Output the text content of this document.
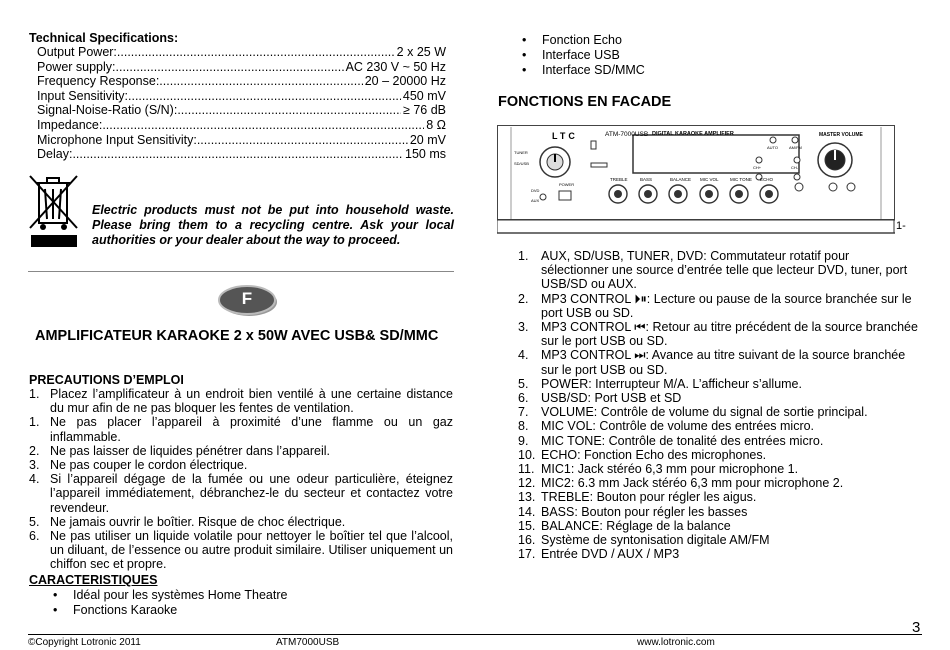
Technical Specifications:
Output Power: .....	2 x 25 W
Power supply: .....	AC 230 V ~ 50 Hz
Frequency Response: .....	20 – 20000 Hz
Input Sensitivity: .....	450 mV
Signal-Noise-Ratio (S/N): .....	≥ 76 dB
Impedance: .....	8 Ω
Microphone Input Sensitivity: .....	20 mV
Delay: .....	150 ms
Electric products must not be put into household waste. Please bring them to a recycling centre. Ask your local authorities or your dealer about the way to proceed.
F
AMPLIFICATEUR KARAOKE 2 x 50W AVEC USB& SD/MMC
PRECAUTIONS D’EMPLOI
1. Placez l’amplificateur à un endroit bien ventilé à une certaine distance du mur afin de ne pas bloquer les fentes de ventilation.
1. Ne pas placer l’appareil à proximité d’une flamme ou un gaz inflammable.
2. Ne pas laisser de liquides pénétrer dans l’appareil.
3. Ne pas couper le cordon électrique.
4. Si l’appareil dégage de la fumée ou une odeur particulière, éteignez l’appareil immédiatement, débranchez-le du secteur et contactez votre revendeur.
5. Ne jamais ouvrir le boîtier. Risque de choc électrique.
6. Ne pas utiliser un liquide volatile pour nettoyer le boîtier tel que l’alcool, un diluant, de l’essence ou autre produit similaire. Utiliser uniquement un chiffon sec et propre.
CARACTERISTIQUES
•	Idéal pour les systèmes Home Theatre
•	Fonctions Karaoke
•	Fonction Echo
•	Interface USB
•	Interface SD/MMC
FONCTIONS EN FACADE
LTC	ATM-7000USB DIGITAL KARAOKE AMPLIFIER	MASTER VOLUME
TREBLE	BASS	BALANCE MIC VOL	MIC TONE ECHO
TUNER
SD/USB
DVD
AUX
POWER
AUTO	AM/FM
CH+	CH-
1-
1.	AUX, SD/USB, TUNER, DVD: Commutateur rotatif pour sélectionner une source d’entrée telle que lecteur DVD, tuner, port USB/SD ou AUX.
2.	MP3 CONTROL ⏵⏸: Lecture ou pause de la source branchée sur le port USB ou SD.
3.	MP3 CONTROL ⏮: Retour au titre précédent de la source branchée sur le port USB ou SD.
4.	MP3 CONTROL ⏭: Avance au titre suivant de la source branchée sur le port USB ou SD.
5.	POWER: Interrupteur M/A. L’afficheur s’allume.
6.	USB/SD: Port USB et SD
7.	VOLUME: Contrôle de volume du signal de sortie principal.
8.	MIC VOL: Contrôle de volume des entrées micro.
9.	MIC TONE: Contrôle de tonalité des entrées micro.
10. ECHO: Fonction Echo des microphones.
11. MIC1: Jack stéréo 6,3 mm pour microphone 1.
12. MIC2: 6.3 mm Jack stéréo 6,3 mm pour microphone 2.
13. TREBLE: Bouton pour régler les aigus.
14. BASS: Bouton pour régler les basses
15. BALANCE: Réglage de la balance
16. Système de syntonisation digitale AM/FM
17. Entrée DVD / AUX / MP3
3
©Copyright Lotronic 2011	ATM7000USB	www.lotronic.com
